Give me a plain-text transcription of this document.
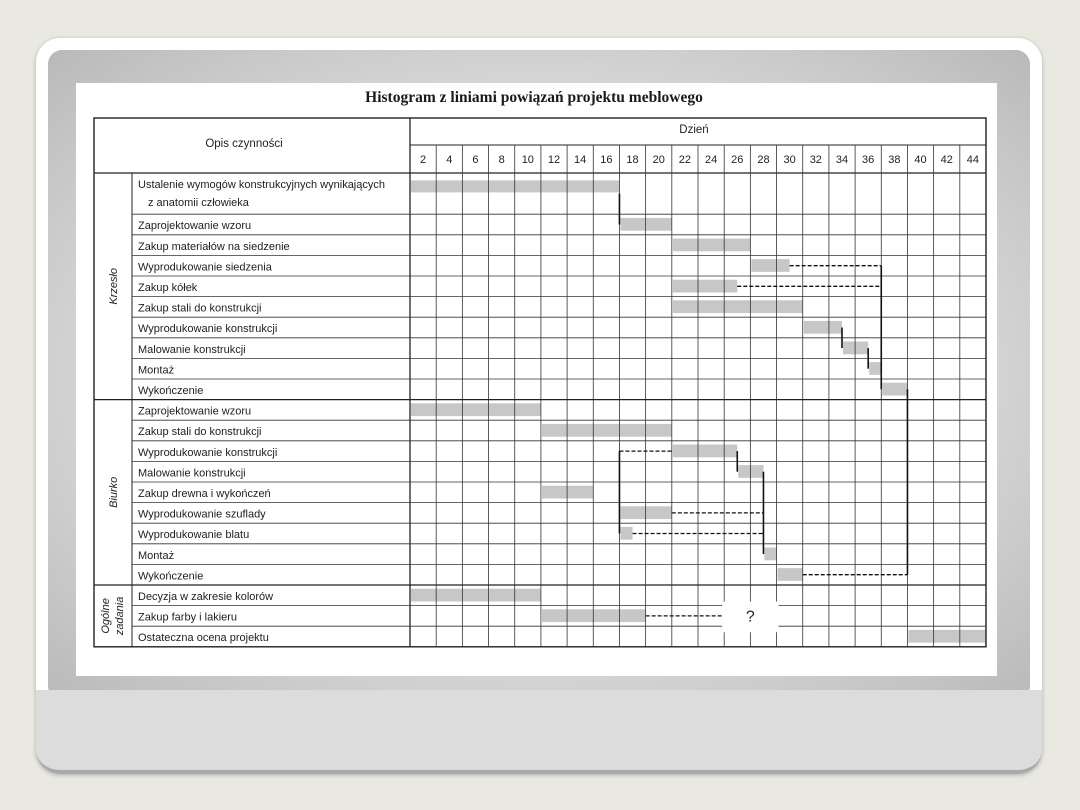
Histogram z liniami powiązań projektu meblowego
Opis czynności
Dzień
Krzesło
Biurko
Ogólne zadania
2 4 6 8 10 12 14 16 18 20 22 24 26 28 30 32 34 36 38 40 42 44
Ustalenie wymogów konstrukcyjnych wynikających
z anatomii człowieka
Zaprojektowanie wzoru
Zakup materiałów na siedzenie
Wyprodukowanie siedzenia
Zakup kółek
Zakup stali do konstrukcji
Wyprodukowanie konstrukcji
Malowanie konstrukcji
Montaż
Wykończenie
Zaprojektowanie wzoru
Zakup stali do konstrukcji
Wyprodukowanie konstrukcji
Malowanie konstrukcji
Zakup drewna i wykończeń
Wyprodukowanie szuflady
Wyprodukowanie blatu
Montaż
Wykończenie
Decyzja w zakresie kolorów
Zakup farby i lakieru
Ostateczna ocena projektu
?
